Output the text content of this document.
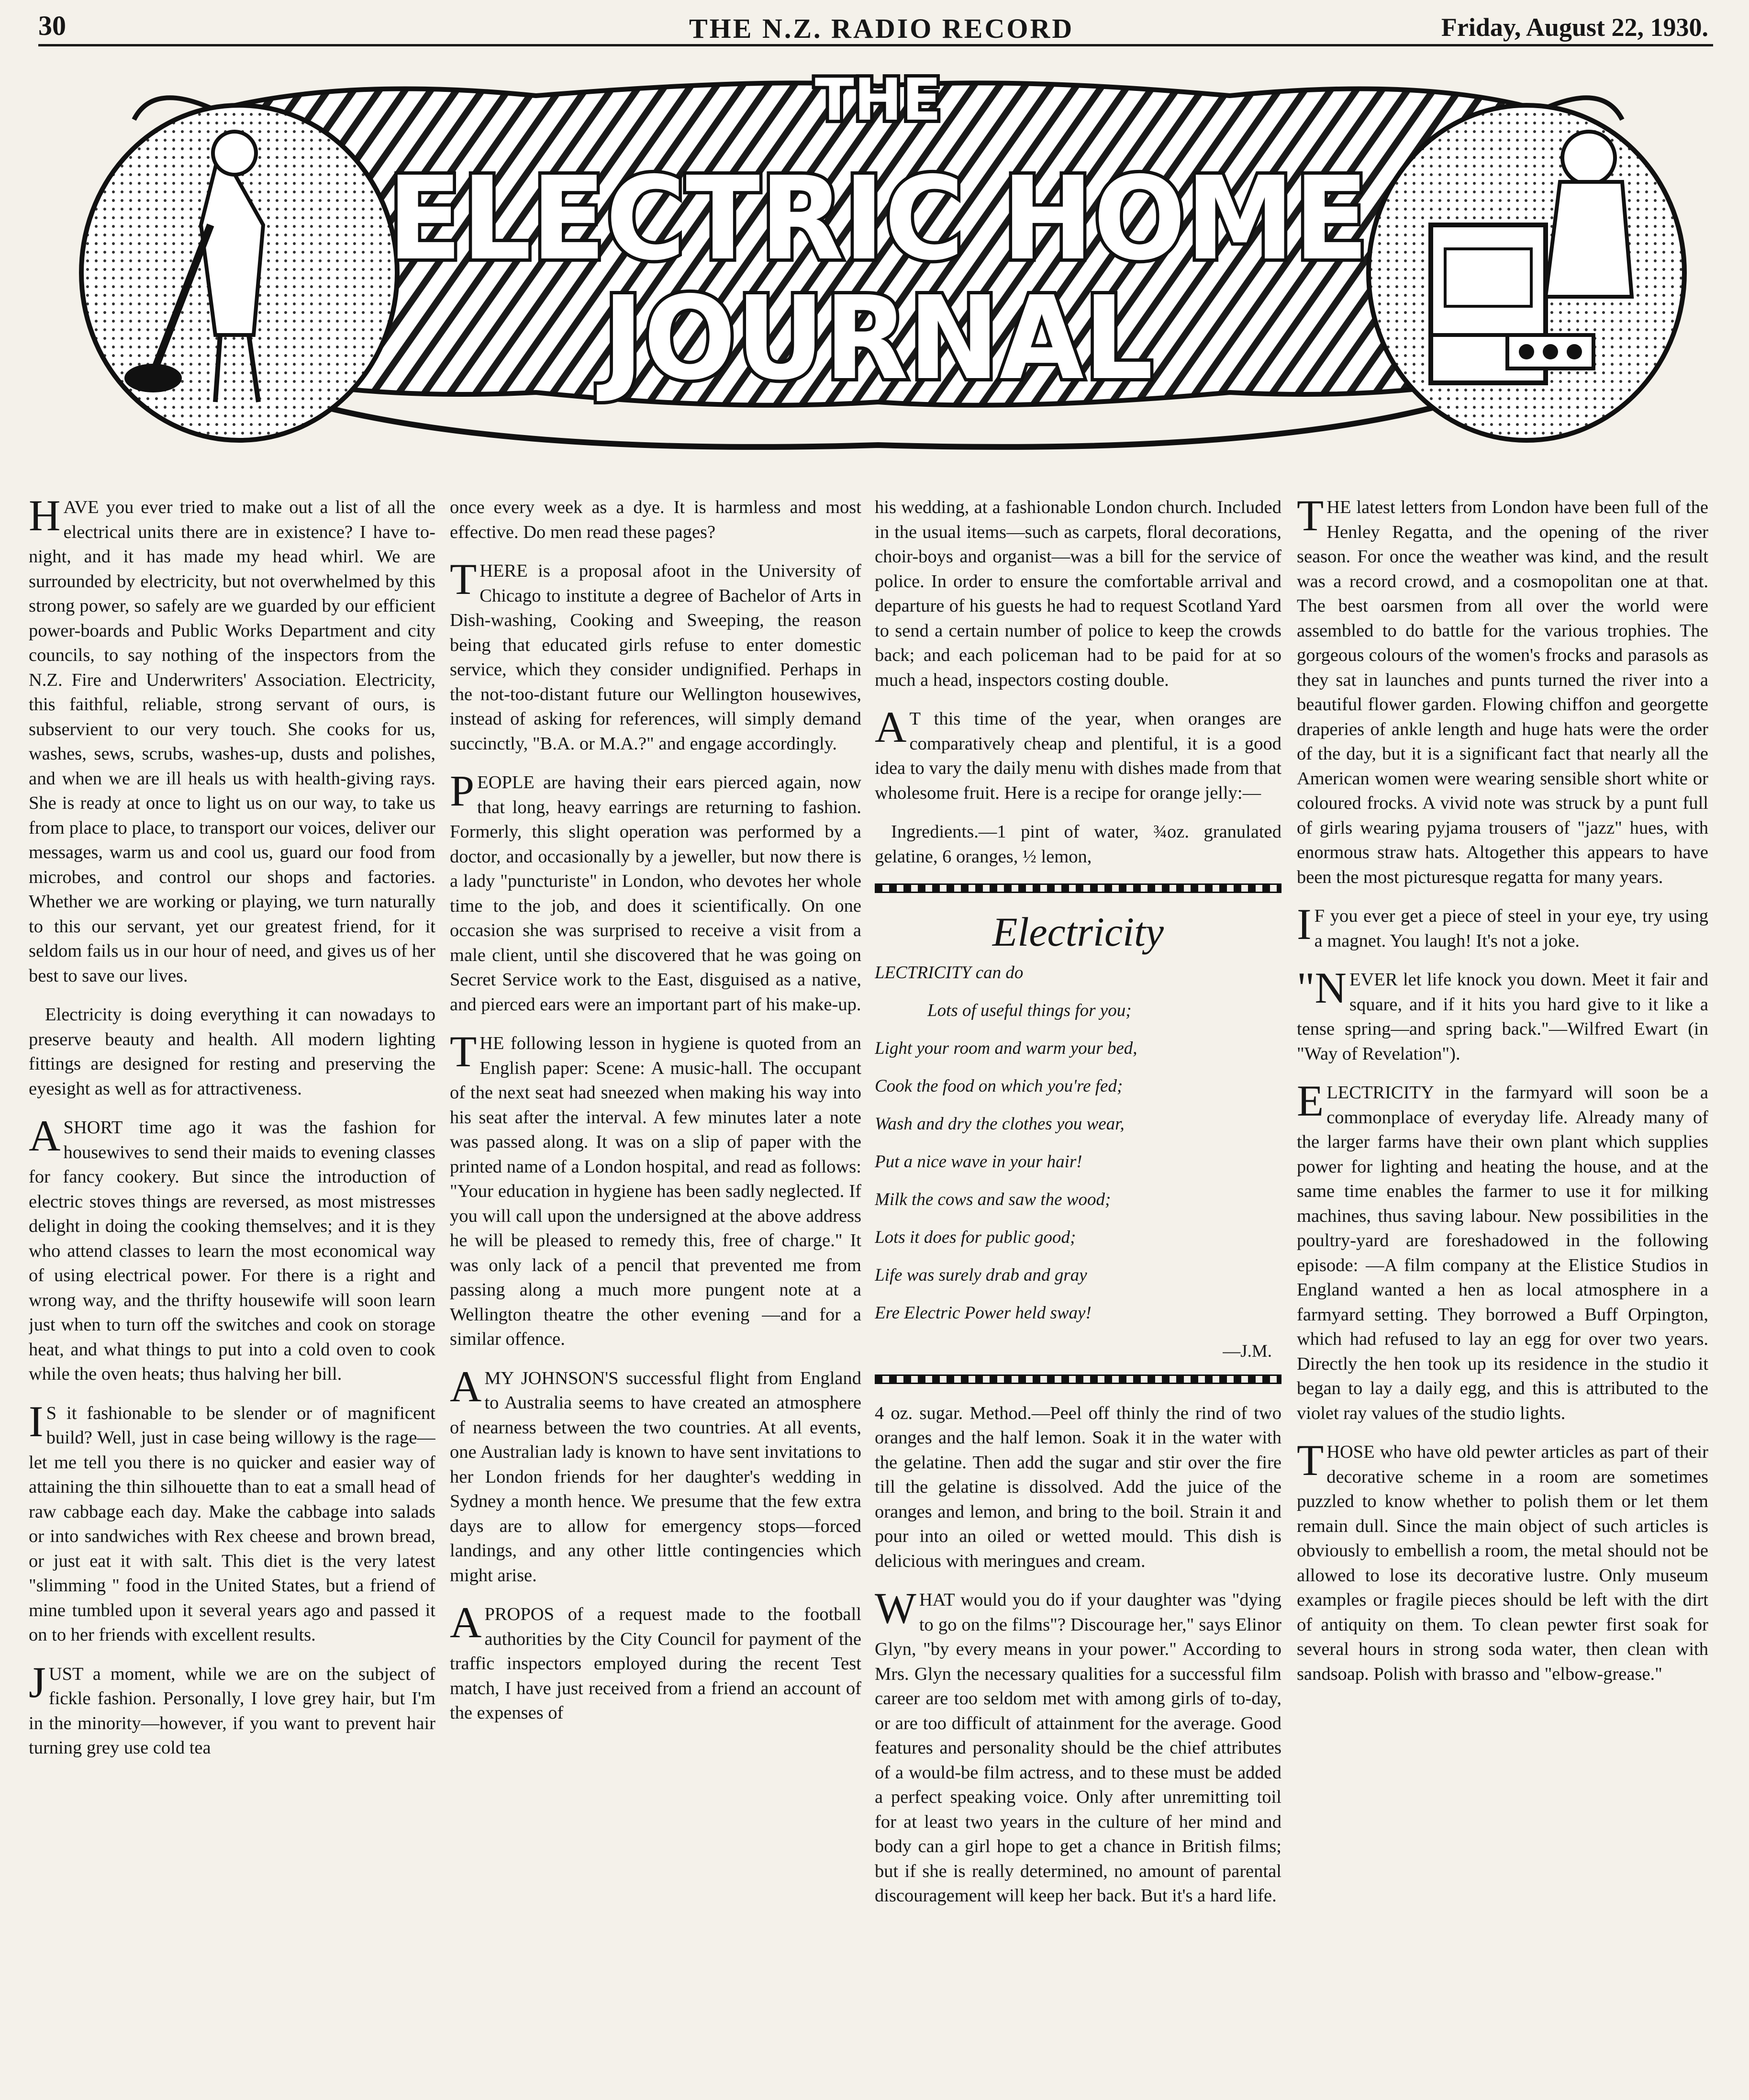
30	THE N.Z. RADIO RECORD	Friday, August 22, 1930.
THE
ELECTRIC HOME
JOURNAL

HAVE you ever tried to make out a list of all the electrical units there are in existence? I have to-night, and it has made my head whirl. We are surrounded by electricity, but not overwhelmed by this strong power, so safely are we guarded by our efficient power-boards and Public Works Department and city councils, to say nothing of the inspectors from the N.Z. Fire and Underwriters' Association. Electricity, this faithful, reliable, strong servant of ours, is subservient to our very touch. She cooks for us, washes, sews, scrubs, washes-up, dusts and polishes, and when we are ill heals us with health-giving rays. She is ready at once to light us on our way, to take us from place to place, to transport our voices, deliver our messages, warm us and cool us, guard our food from microbes, and control our shops and factories. Whether we are working or playing, we turn naturally to this our servant, yet our greatest friend, for it seldom fails us in our hour of need, and gives us of her best to save our lives.

Electricity is doing everything it can nowadays to preserve beauty and health. All modern lighting fittings are designed for resting and preserving the eyesight as well as for attractiveness.

ASHORT time ago it was the fashion for housewives to send their maids to evening classes for fancy cookery. But since the introduction of electric stoves things are reversed, as most mistresses delight in doing the cooking themselves; and it is they who attend classes to learn the most economical way of using electrical power. For there is a right and wrong way, and the thrifty housewife will soon learn just when to turn off the switches and cook on storage heat, and what things to put into a cold oven to cook while the oven heats; thus halving her bill.

IS it fashionable to be slender or of magnificent build? Well, just in case being willowy is the rage—let me tell you there is no quicker and easier way of attaining the thin silhouette than to eat a small head of raw cabbage each day. Make the cabbage into salads or into sandwiches with Rex cheese and brown bread, or just eat it with salt. This diet is the very latest "slimming " food in the United States, but a friend of mine tumbled upon it several years ago and passed it on to her friends with excellent results.

JUST a moment, while we are on the subject of fickle fashion. Personally, I love grey hair, but I'm in the minority—however, if you want to prevent hair turning grey use cold tea

once every week as a dye. It is harmless and most effective. Do men read these pages?

THERE is a proposal afoot in the University of Chicago to institute a degree of Bachelor of Arts in Dish-washing, Cooking and Sweeping, the reason being that educated girls refuse to enter domestic service, which they consider undignified. Perhaps in the not-too-distant future our Wellington housewives, instead of asking for references, will simply demand succinctly, "B.A. or M.A.?" and engage accordingly.

PEOPLE are having their ears pierced again, now that long, heavy earrings are returning to fashion. Formerly, this slight operation was performed by a doctor, and occasionally by a jeweller, but now there is a lady "puncturiste" in London, who devotes her whole time to the job, and does it scientifically. On one occasion she was surprised to receive a visit from a male client, until she discovered that he was going on Secret Service work to the East, disguised as a native, and pierced ears were an important part of his make-up.

THE following lesson in hygiene is quoted from an English paper: Scene: A music-hall. The occupant of the next seat had sneezed when making his way into his seat after the interval. A few minutes later a note was passed along. It was on a slip of paper with the printed name of a London hospital, and read as follows: "Your education in hygiene has been sadly neglected. If you will call upon the undersigned at the above address he will be pleased to remedy this, free of charge." It was only lack of a pencil that prevented me from passing along a much more pungent note at a Wellington theatre the other evening —and for a similar offence.

AMY JOHNSON'S successful flight from England to Australia seems to have created an atmosphere of nearness between the two countries. At all events, one Australian lady is known to have sent invitations to her London friends for her daughter's wedding in Sydney a month hence. We presume that the few extra days are to allow for emergency stops—forced landings, and any other little contingencies which might arise.

APROPOS of a request made to the football authorities by the City Council for payment of the traffic inspectors employed during the recent Test match, I have just received from a friend an account of the expenses of

his wedding, at a fashionable London church. Included in the usual items—such as carpets, floral decorations, choir-boys and organist—was a bill for the service of police. In order to ensure the comfortable arrival and departure of his guests he had to request Scotland Yard to send a certain number of police to keep the crowds back; and each policeman had to be paid for at so much a head, inspectors costing double.

AT this time of the year, when oranges are comparatively cheap and plentiful, it is a good idea to vary the daily menu with dishes made from that wholesome fruit. Here is a recipe for orange jelly:—

Ingredients.—1 pint of water, ¾oz. granulated gelatine, 6 oranges, ½ lemon,

Electricity

LECTRICITY can do

Lots of useful things for you;

Light your room and warm your bed,

Cook the food on which you're fed;

Wash and dry the clothes you wear,

Put a nice wave in your hair!

Milk the cows and saw the wood;

Lots it does for public good;

Life was surely drab and gray

Ere Electric Power held sway!

—J.M.

4 oz. sugar. Method.—Peel off thinly the rind of two oranges and the half lemon. Soak it in the water with the gelatine. Then add the sugar and stir over the fire till the gelatine is dissolved. Add the juice of the oranges and lemon, and bring to the boil. Strain it and pour into an oiled or wetted mould. This dish is delicious with meringues and cream.

WHAT would you do if your daughter was "dying to go on the films"? Discourage her," says Elinor Glyn, "by every means in your power." According to Mrs. Glyn the necessary qualities for a successful film career are too seldom met with among girls of to-day, or are too difficult of attainment for the average. Good features and personality should be the chief attributes of a would-be film actress, and to these must be added a perfect speaking voice. Only after unremitting toil for at least two years in the culture of her mind and body can a girl hope to get a chance in British films; but if she is really determined, no amount of parental discouragement will keep her back. But it's a hard life.

THE latest letters from London have been full of the Henley Regatta, and the opening of the river season. For once the weather was kind, and the result was a record crowd, and a cosmopolitan one at that. The best oarsmen from all over the world were assembled to do battle for the various trophies. The gorgeous colours of the women's frocks and parasols as they sat in launches and punts turned the river into a beautiful flower garden. Flowing chiffon and georgette draperies of ankle length and huge hats were the order of the day, but it is a significant fact that nearly all the American women were wearing sensible short white or coloured frocks. A vivid note was struck by a punt full of girls wearing pyjama trousers of "jazz" hues, with enormous straw hats. Altogether this appears to have been the most picturesque regatta for many years.

IF you ever get a piece of steel in your eye, try using a magnet. You laugh! It's not a joke.

"NEVER let life knock you down. Meet it fair and square, and if it hits you hard give to it like a tense spring—and spring back."—Wilfred Ewart (in "Way of Revelation").

ELECTRICITY in the farmyard will soon be a commonplace of everyday life. Already many of the larger farms have their own plant which supplies power for lighting and heating the house, and at the same time enables the farmer to use it for milking machines, thus saving labour. New possibilities in the poultry-yard are foreshadowed in the following episode: —A film company at the Elistice Studios in England wanted a hen as local atmosphere in a farmyard setting. They borrowed a Buff Orpington, which had refused to lay an egg for over two years. Directly the hen took up its residence in the studio it began to lay a daily egg, and this is attributed to the violet ray values of the studio lights.

THOSE who have old pewter articles as part of their decorative scheme in a room are sometimes puzzled to know whether to polish them or let them remain dull. Since the main object of such articles is obviously to embellish a room, the metal should not be allowed to lose its decorative lustre. Only museum examples or fragile pieces should be left with the dirt of antiquity on them. To clean pewter first soak for several hours in strong soda water, then clean with sandsoap. Polish with brasso and "elbow-grease."
